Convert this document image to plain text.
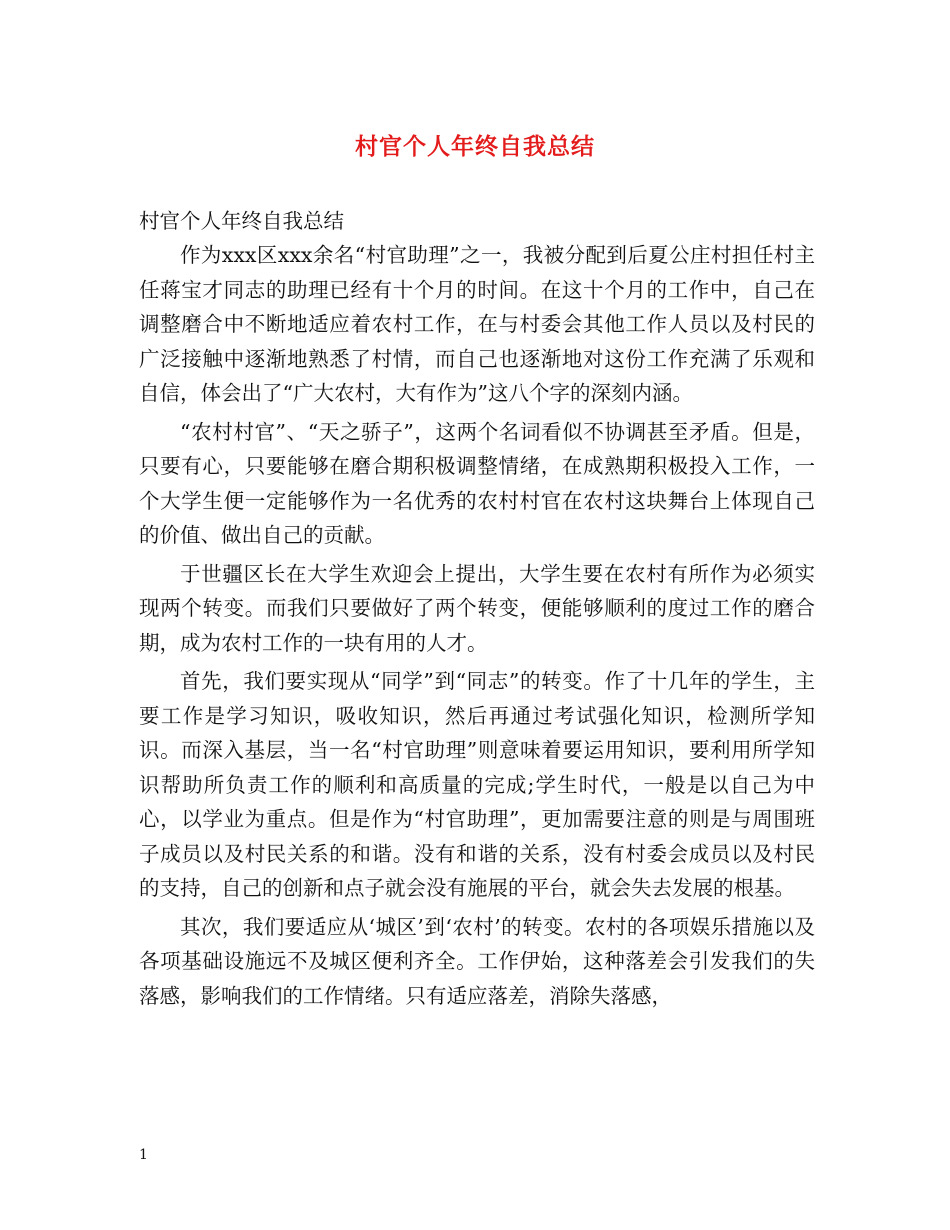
村官个人年终自我总结

村官个人年终自我总结

作为xxx区xxx余名“村官助理”之一，我被分配到后夏公庄村担任村主任蒋宝才同志的助理已经有十个月的时间。在这十个月的工作中，自己在调整磨合中不断地适应着农村工作，在与村委会其他工作人员以及村民的广泛接触中逐渐地熟悉了村情，而自己也逐渐地对这份工作充满了乐观和自信，体会出了“广大农村，大有作为”这八个字的深刻内涵。

“农村村官”、“天之骄子”，这两个名词看似不协调甚至矛盾。但是，只要有心，只要能够在磨合期积极调整情绪，在成熟期积极投入工作，一个大学生便一定能够作为一名优秀的农村村官在农村这块舞台上体现自己的价值、做出自己的贡献。

于世疆区长在大学生欢迎会上提出，大学生要在农村有所作为必须实现两个转变。而我们只要做好了两个转变，便能够顺利的度过工作的磨合期，成为农村工作的一块有用的人才。

首先，我们要实现从“同学”到“同志”的转变。作了十几年的学生，主要工作是学习知识，吸收知识，然后再通过考试强化知识，检测所学知识。而深入基层，当一名“村官助理”则意味着要运用知识，要利用所学知识帮助所负责工作的顺利和高质量的完成;学生时代，一般是以自己为中心，以学业为重点。但是作为“村官助理”，更加需要注意的则是与周围班子成员以及村民关系的和谐。没有和谐的关系，没有村委会成员以及村民的支持，自己的创新和点子就会没有施展的平台，就会失去发展的根基。

其次，我们要适应从‘城区’到‘农村’的转变。农村的各项娱乐措施以及各项基础设施远不及城区便利齐全。工作伊始，这种落差会引发我们的失落感，影响我们的工作情绪。只有适应落差，消除失落感，

1
